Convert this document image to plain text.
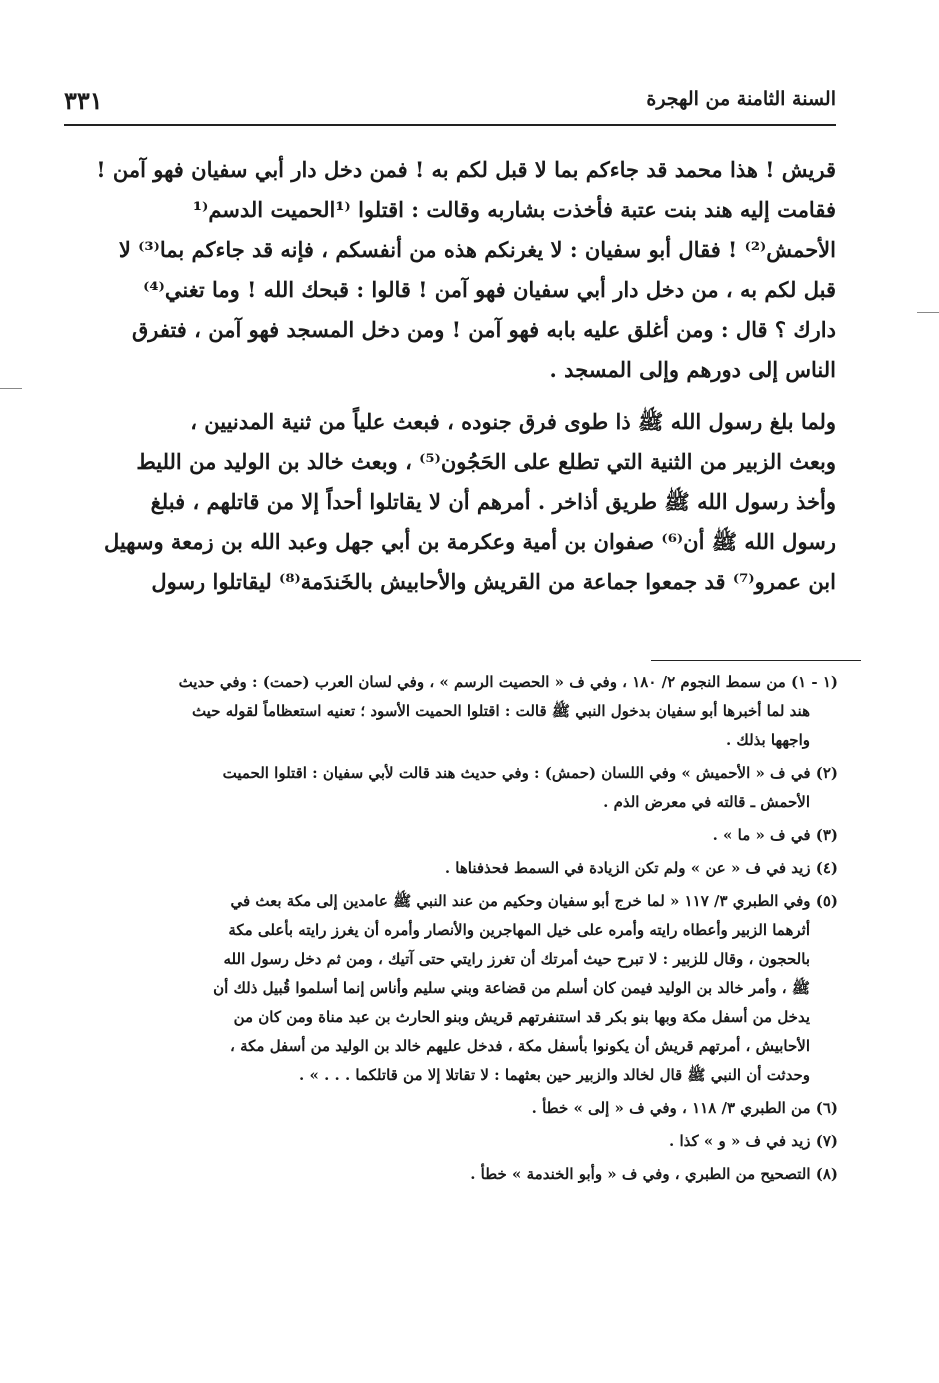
السنة الثامنة من الهجرة
٣٣١
قريش ! هذا محمد قد جاءكم بما لا قبل لكم به ! فمن دخل دار أبي سفيان فهو آمن !
فقامت إليه هند بنت عتبة فأخذت بشاربه وقالت : اقتلوا ⁽¹الحميت الدسم⁽¹
الأحمش⁽²⁾ ! فقال أبو سفيان : لا يغرنكم هذه من أنفسكم ، فإنه قد جاءكم بما⁽³⁾ لا
قبل لكم به ، من دخل دار أبي سفيان فهو آمن ! قالوا : قبحك الله ! وما تغني⁽⁴⁾
دارك ؟ قال : ومن أغلق عليه بابه فهو آمن ! ومن دخل المسجد فهو آمن ، فتفرق
الناس إلى دورهم وإلى المسجد .
ولما بلغ رسول الله ﷺ ذا طوى فرق جنوده ، فبعث علياً من ثنية المدنيين ،
وبعث الزبير من الثنية التي تطلع على الحَجُون⁽⁵⁾ ، وبعث خالد بن الوليد من الليط
وأخذ رسول الله ﷺ طريق أذاخر . أمرهم أن لا يقاتلوا أحداً إلا من قاتلهم ، فبلغ
رسول الله ﷺ أن⁽⁶⁾ صفوان بن أمية وعكرمة بن أبي جهل وعبد الله بن زمعة وسهيل
ابن عمرو⁽⁷⁾ قد جمعوا جماعة من القريش والأحابيش بالخَندَمة⁽⁸⁾ ليقاتلوا رسول
(١ - ١) من سمط النجوم ٢/ ١٨٠ ، وفي ف « الحصيت الرسم » ، وفي لسان العرب (حمت) : وفي حديث
هند لما أخبرها أبو سفيان بدخول النبي ﷺ قالت : اقتلوا الحميت الأسود ؛ تعنيه استعظاماً لقوله حيث
واجهها بذلك .
(٢) في ف « الأحميش » وفي اللسان (حمش) : وفي حديث هند قالت لأبي سفيان : اقتلوا الحميت
الأحمش ـ قالته في معرض الذم .
(٣) في ف « ما » .
(٤) زيد في ف « عن » ولم تكن الزيادة في السمط فحذفناها .
(٥) وفي الطبري ٣/ ١١٧ « لما خرج أبو سفيان وحكيم من عند النبي ﷺ عامدين إلى مكة بعث في
أثرهما الزبير وأعطاه رايته وأمره على خيل المهاجرين والأنصار وأمره أن يغرز رايته بأعلى مكة
بالحجون ، وقال للزبير : لا تبرح حيث أمرتك أن تغرز رايتي حتى آتيك ، ومن ثم دخل رسول الله
ﷺ ، وأمر خالد بن الوليد فيمن كان أسلم من قضاعة وبني سليم وأناس إنما أسلموا قُبيل ذلك أن
يدخل من أسفل مكة وبها بنو بكر قد استنفرتهم قريش وبنو الحارث بن عبد مناة ومن كان من
الأحابيش ، أمرتهم قريش أن يكونوا بأسفل مكة ، فدخل عليهم خالد بن الوليد من أسفل مكة ،
وحدثت أن النبي ﷺ قال لخالد والزبير حين بعثهما : لا تقاتلا إلا من قاتلكما . . . » .
(٦) من الطبري ٣/ ١١٨ ، وفي ف « إلى » خطأ .
(٧) زيد في ف « و » كذا .
(٨) التصحيح من الطبري ، وفي ف « وأبو الخندمة » خطأ .
